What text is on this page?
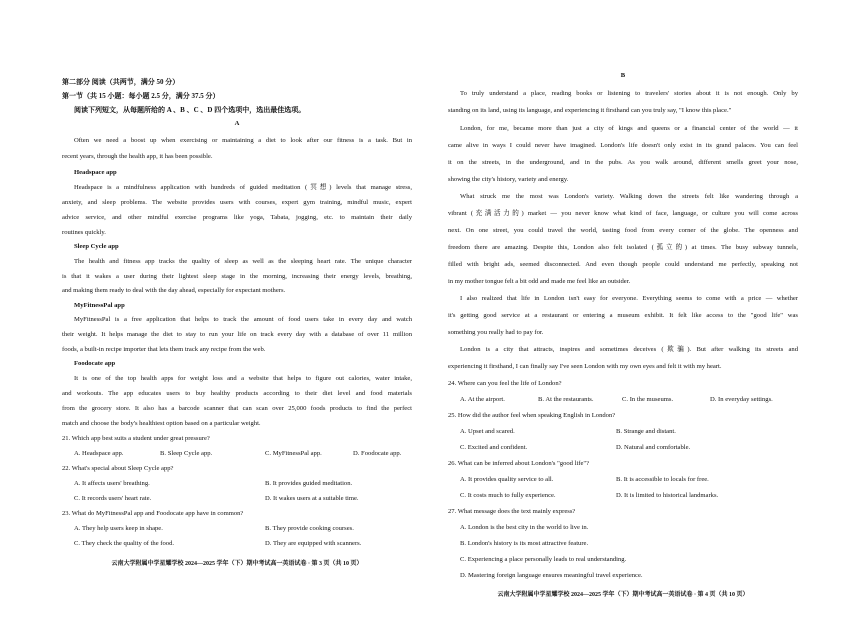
第二部分 阅读（共两节，满分 50 分）
第一节（共 15 小题：每小题 2.5 分，满分 37.5 分）
阅读下列短文，从每题所给的 A 、B 、C 、D 四个选项中，选出最佳选项。
A
Often we need a boost up when exercising or maintaining a diet to look after our fitness is a task. But in
recent years, through the health app, it has been possible.
Headspace app
Headspace is a mindfulness application with hundreds of guided meditation (冥想) levels that manage stress,
anxiety, and sleep problems. The website provides users with courses, expert gym training, mindful music, expert
advice service, and other mindful exercise programs like yoga, Tabata, jogging, etc. to maintain their daily
routines quickly.
Sleep Cycle app
The health and fitness app tracks the quality of sleep as well as the sleeping heart rate. The unique character
is that it wakes a user during their lightest sleep stage in the morning, increasing their energy levels, breathing,
and making them ready to deal with the day ahead, especially for expectant mothers.
MyFitnessPal app
MyFitnessPal is a free application that helps to track the amount of food users take in every day and watch
their weight. It helps manage the diet to stay to run your life on track every day with a database of over 11 million
foods, a built-in recipe importer that lets them track any recipe from the web.
Foodocate app
It is one of the top health apps for weight loss and a website that helps to figure out calories, water intake,
and workouts. The app educates users to buy healthy products according to their diet level and food materials
from the grocery store. It also has a barcode scanner that can scan over 25,000 foods products to find the perfect
match and choose the body's healthiest option based on a particular weight.
21. Which app best suits a student under great pressure?
A. Headspace app.	B. Sleep Cycle app.	C. MyFitnessPal app.	D. Foodocate app.
22. What's special about Sleep Cycle app?
A. It affects users' breathing.	B. It provides guided meditation.
C. It records users' heart rate.	D. It wakes users at a suitable time.
23. What do MyFitnessPal app and Foodocate app have in common?
A. They help users keep in shape.	B. They provide cooking courses.
C. They check the quality of the food.	D. They are equipped with scanners.
云南大学附属中学星耀学校 2024—2025 学年（下）期中考试高一英语试卷 · 第 3 页（共 10 页）
B
To truly understand a place, reading books or listening to travelers' stories about it is not enough. Only by
standing on its land, using its language, and experiencing it firsthand can you truly say, "I know this place."
London, for me, became more than just a city of kings and queens or a financial center of the world — it
came alive in ways I could never have imagined. London's life doesn't only exist in its grand palaces. You can feel
it on the streets, in the underground, and in the pubs. As you walk around, different smells greet your nose,
showing the city's history, variety and energy.
What struck me the most was London's variety. Walking down the streets felt like wandering through a
vibrant (充满活力的) market — you never know what kind of face, language, or culture you will come across
next. On one street, you could travel the world, tasting food from every corner of the globe. The openness and
freedom there are amazing. Despite this, London also felt isolated (孤立的) at times. The busy subway tunnels,
filled with bright ads, seemed disconnected. And even though people could understand me perfectly, speaking not
in my mother tongue felt a bit odd and made me feel like an outsider.
I also realized that life in London isn't easy for everyone. Everything seems to come with a price — whether
it's getting good service at a restaurant or entering a museum exhibit. It felt like access to the "good life" was
something you really had to pay for.
London is a city that attracts, inspires and sometimes deceives (欺骗). But after walking its streets and
experiencing it firsthand, I can finally say I've seen London with my own eyes and felt it with my heart.
24. Where can you feel the life of London?
A. At the airport.	B. At the restaurants.	C. In the museums.	D. In everyday settings.
25. How did the author feel when speaking English in London?
A. Upset and scared.	B. Strange and distant.
C. Excited and confident.	D. Natural and comfortable.
26. What can be inferred about London's "good life"?
A. It provides quality service to all.	B. It is accessible to locals for free.
C. It costs much to fully experience.	D. It is limited to historical landmarks.
27. What message does the text mainly express?
A. London is the best city in the world to live in.
B. London's history is its most attractive feature.
C. Experiencing a place personally leads to real understanding.
D. Mastering foreign language ensures meaningful travel experience.
云南大学附属中学星耀学校 2024—2025 学年（下）期中考试高一英语试卷 · 第 4 页（共 10 页）
